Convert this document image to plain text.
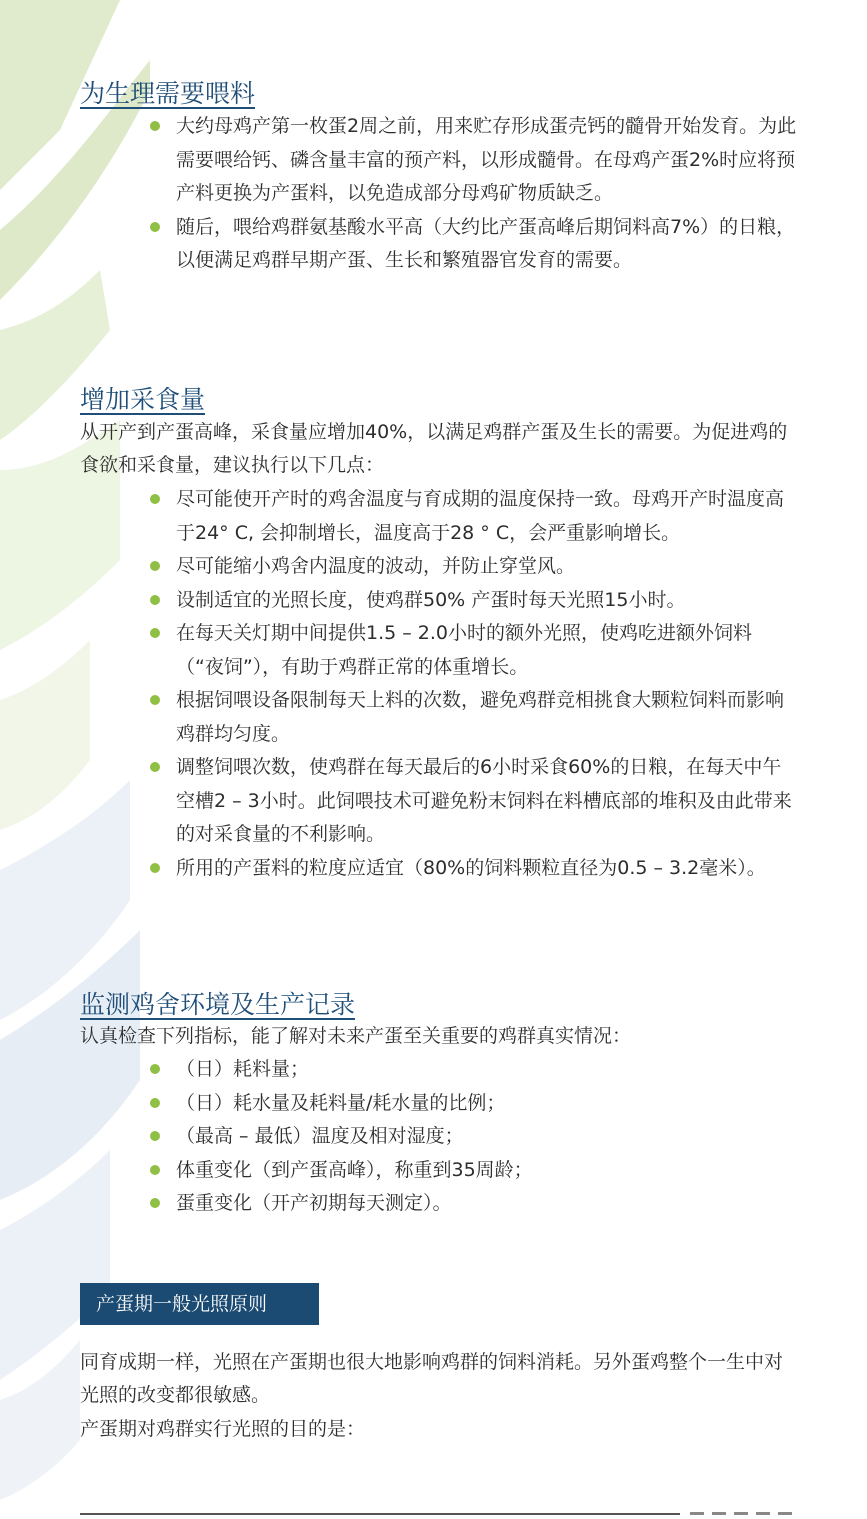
为生理需要喂料
大约母鸡产第一枚蛋2周之前，用来贮存形成蛋壳钙的髓骨开始发育。为此需要喂给钙、磷含量丰富的预产料，以形成髓骨。在母鸡产蛋2%时应将预产料更换为产蛋料，以免造成部分母鸡矿物质缺乏。
随后，喂给鸡群氨基酸水平高（大约比产蛋高峰后期饲料高7%）的日粮，以便满足鸡群早期产蛋、生长和繁殖器官发育的需要。
增加采食量

从开产到产蛋高峰，采食量应增加40%，以满足鸡群产蛋及生长的需要。为促进鸡的食欲和采食量，建议执行以下几点：

尽可能使开产时的鸡舍温度与育成期的温度保持一致。母鸡开产时温度高于24° C, 会抑制增长，温度高于28 ° C，会严重影响增长。
尽可能缩小鸡舍内温度的波动，并防止穿堂风。
设制适宜的光照长度，使鸡群50% 产蛋时每天光照15小时。
在每天关灯期中间提供1.5 – 2.0小时的额外光照，使鸡吃进额外饲料（“夜饲”），有助于鸡群正常的体重增长。
根据饲喂设备限制每天上料的次数，避免鸡群竞相挑食大颗粒饲料而影响鸡群均匀度。
调整饲喂次数，使鸡群在每天最后的6小时采食60%的日粮，在每天中午空槽2 – 3小时。此饲喂技术可避免粉末饲料在料槽底部的堆积及由此带来的对采食量的不利影响。
所用的产蛋料的粒度应适宜（80%的饲料颗粒直径为0.5 – 3.2毫米）。
监测鸡舍环境及生产记录

认真检查下列指标，能了解对未来产蛋至关重要的鸡群真实情况：

（日）耗料量；
（日）耗水量及耗料量/耗水量的比例；
（最高 – 最低）温度及相对湿度；
体重变化（到产蛋高峰），称重到35周龄；
蛋重变化（开产初期每天测定）。
产蛋期一般光照原则

同育成期一样，光照在产蛋期也很大地影响鸡群的饲料消耗。另外蛋鸡整个一生中对光照的改变都很敏感。

产蛋期对鸡群实行光照的目的是：
